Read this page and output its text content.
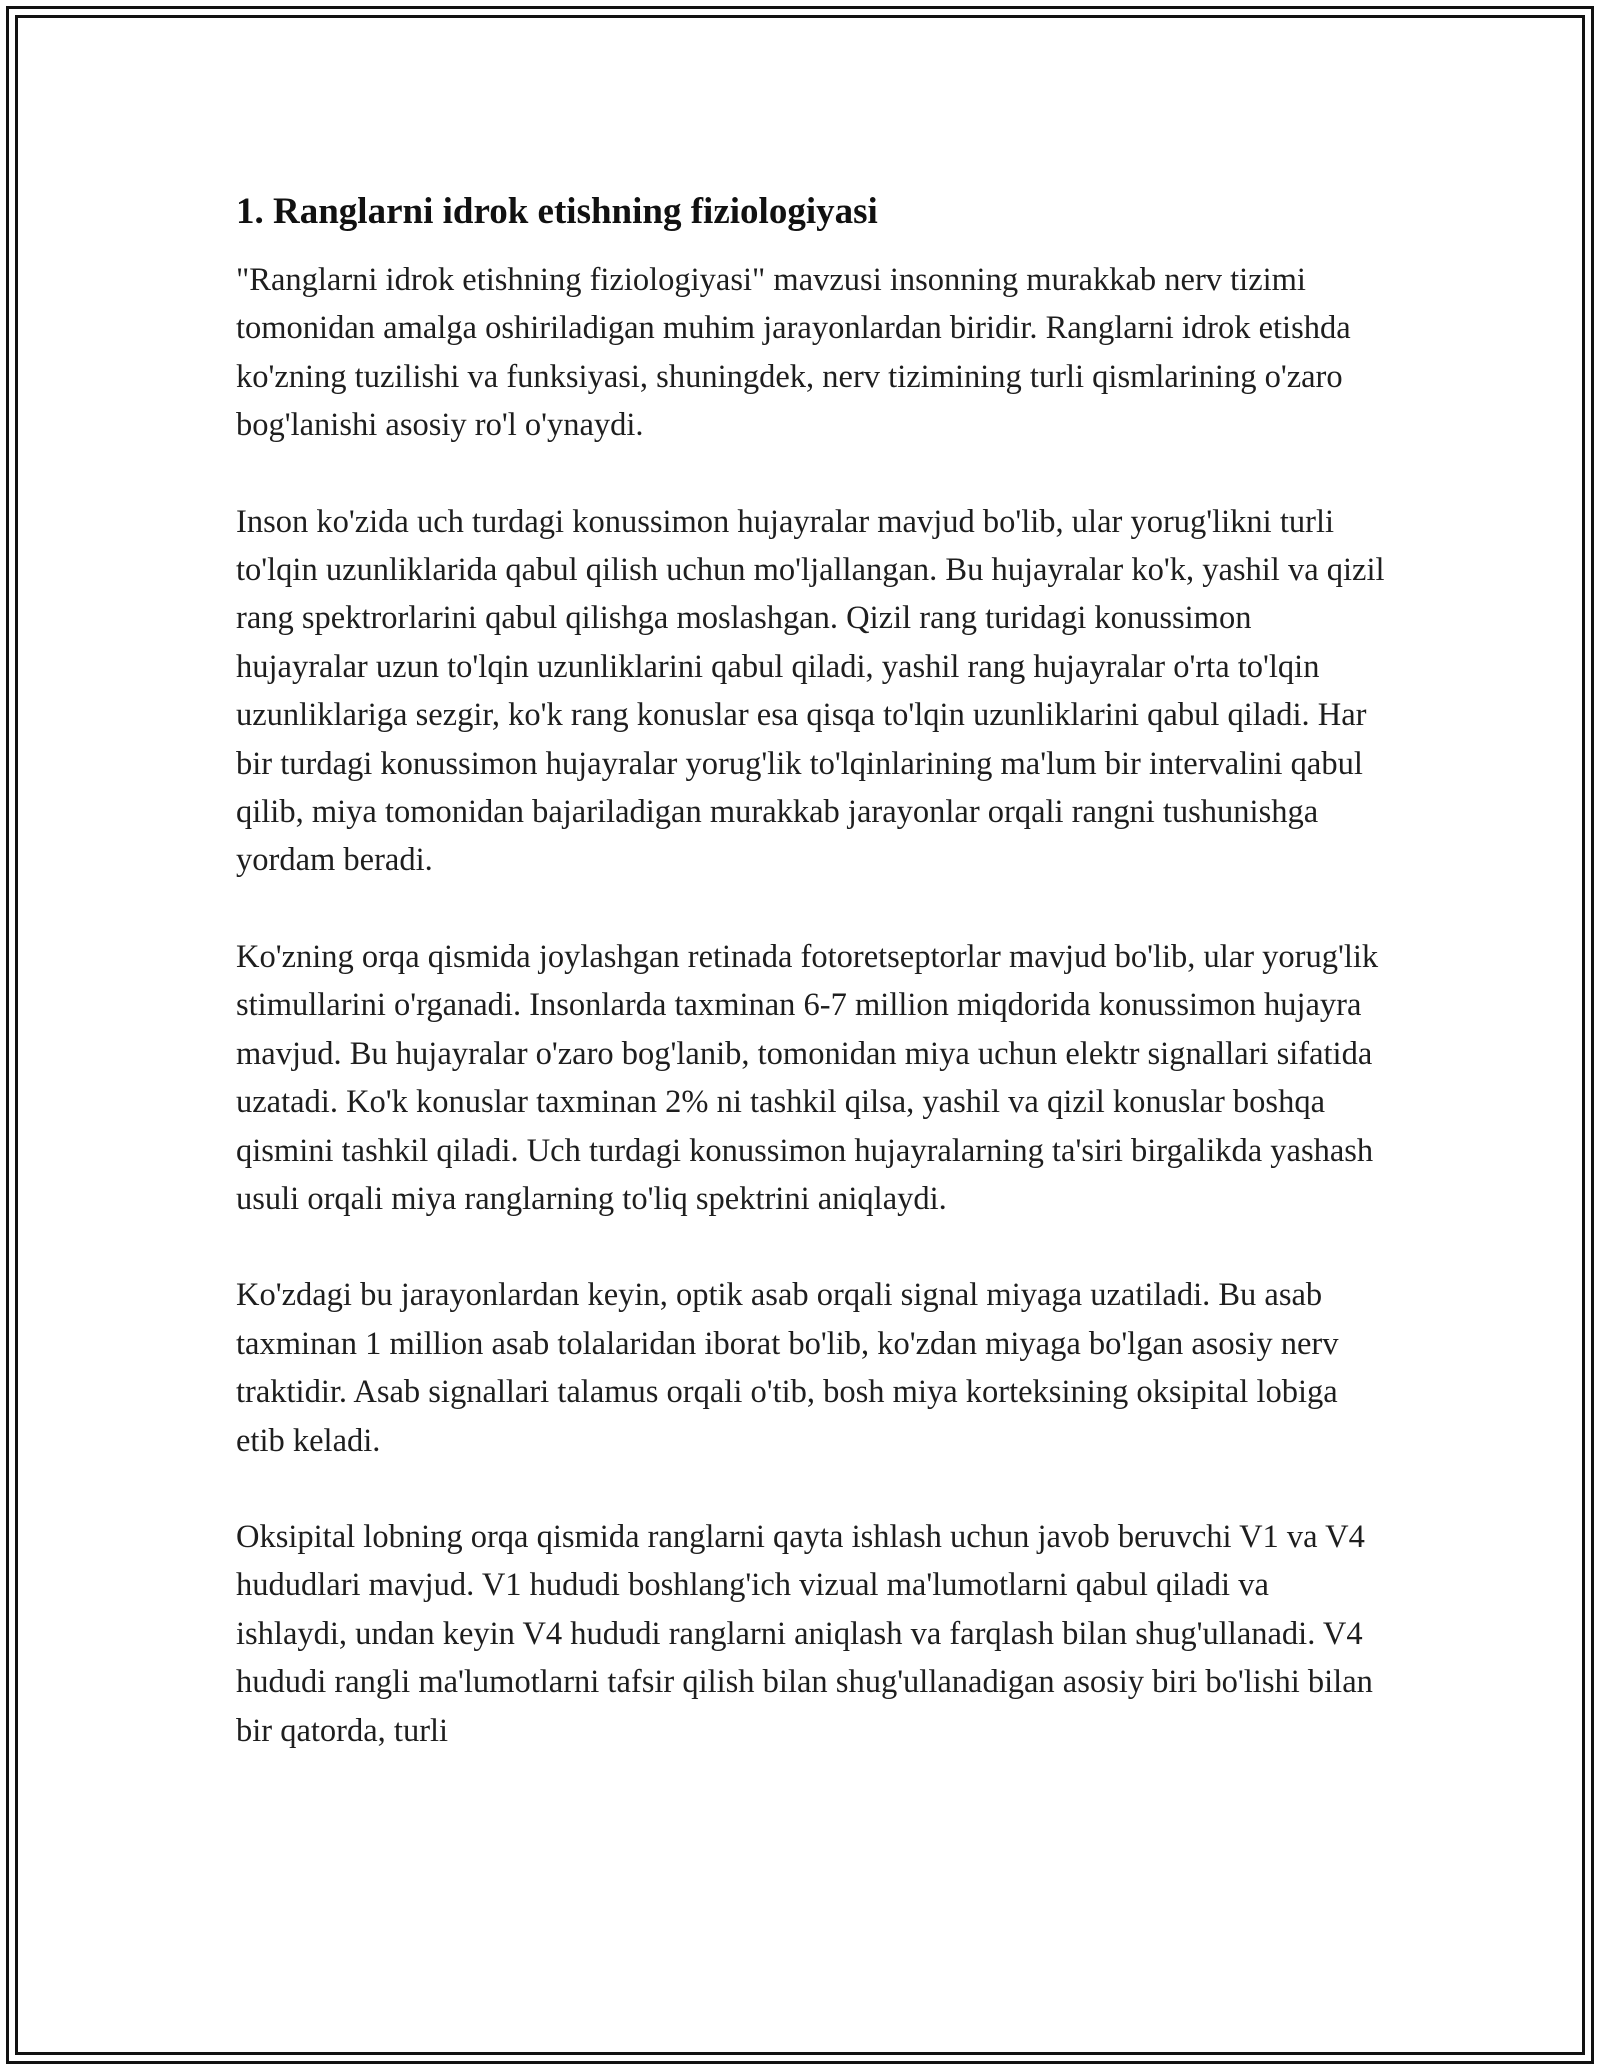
1. Ranglarni idrok etishning fiziologiyasi

"Ranglarni idrok etishning fiziologiyasi" mavzusi insonning murakkab nerv tizimi tomonidan amalga oshiriladigan muhim jarayonlardan biridir. Ranglarni idrok etishda ko'zning tuzilishi va funksiyasi, shuningdek, nerv tizimining turli qismlarining o'zaro bog'lanishi asosiy ro'l o'ynaydi.

Inson ko'zida uch turdagi konussimon hujayralar mavjud bo'lib, ular yorug'likni turli to'lqin uzunliklarida qabul qilish uchun mo'ljallangan. Bu hujayralar ko'k, yashil va qizil rang spektrorlarini qabul qilishga moslashgan. Qizil rang turidagi konussimon hujayralar uzun to'lqin uzunliklarini qabul qiladi, yashil rang hujayralar o'rta to'lqin uzunliklariga sezgir, ko'k rang konuslar esa qisqa to'lqin uzunliklarini qabul qiladi. Har bir turdagi konussimon hujayralar yorug'lik to'lqinlarining ma'lum bir intervalini qabul qilib, miya tomonidan bajariladigan murakkab jarayonlar orqali rangni tushunishga yordam beradi.

Ko'zning orqa qismida joylashgan retinada fotoretseptorlar mavjud bo'lib, ular yorug'lik stimullarini o'rganadi. Insonlarda taxminan 6-7 million miqdorida konussimon hujayra mavjud. Bu hujayralar o'zaro bog'lanib, tomonidan miya uchun elektr signallari sifatida uzatadi. Ko'k konuslar taxminan 2% ni tashkil qilsa, yashil va qizil konuslar boshqa qismini tashkil qiladi. Uch turdagi konussimon hujayralarning ta'siri birgalikda yashash usuli orqali miya ranglarning to'liq spektrini aniqlaydi.

Ko'zdagi bu jarayonlardan keyin, optik asab orqali signal miyaga uzatiladi. Bu asab taxminan 1 million asab tolalaridan iborat bo'lib, ko'zdan miyaga bo'lgan asosiy nerv traktidir. Asab signallari talamus orqali o'tib, bosh miya korteksining oksipital lobiga etib keladi.

Oksipital lobning orqa qismida ranglarni qayta ishlash uchun javob beruvchi V1 va V4 hududlari mavjud. V1 hududi boshlang'ich vizual ma'lumotlarni qabul qiladi va ishlaydi, undan keyin V4 hududi ranglarni aniqlash va farqlash bilan shug'ullanadi. V4 hududi rangli ma'lumotlarni tafsir qilish bilan shug'ullanadigan asosiy biri bo'lishi bilan bir qatorda, turli
